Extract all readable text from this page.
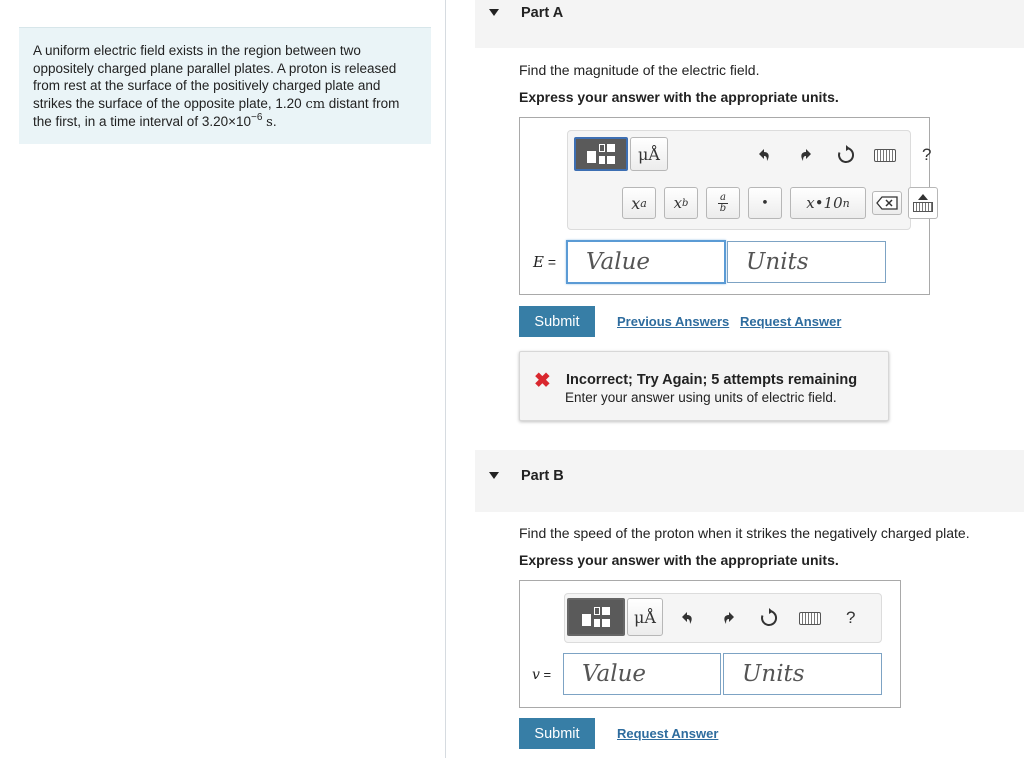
A uniform electric field exists in the region between two oppositely charged plane parallel plates. A proton is released from rest at the surface of the positively charged plate and strikes the surface of the opposite plate, 1.20 cm distant from the first, in a time interval of $3.20\times 10^{-6}$ s.
Part A
Find the magnitude of the electric field.
Express your answer with the appropriate units.
μÅ	?
x a x b
a
b	• x•10 n
E =
Value
Units
Submit	Previous Answers Request Answer
✖ Incorrect; Try Again; 5 attempts remaining
Enter your answer using units of electric field.
Part B
Find the speed of the proton when it strikes the negatively charged plate.
Express your answer with the appropriate units.
μÅ	?
v =
Value
Units
Submit	Request Answer
